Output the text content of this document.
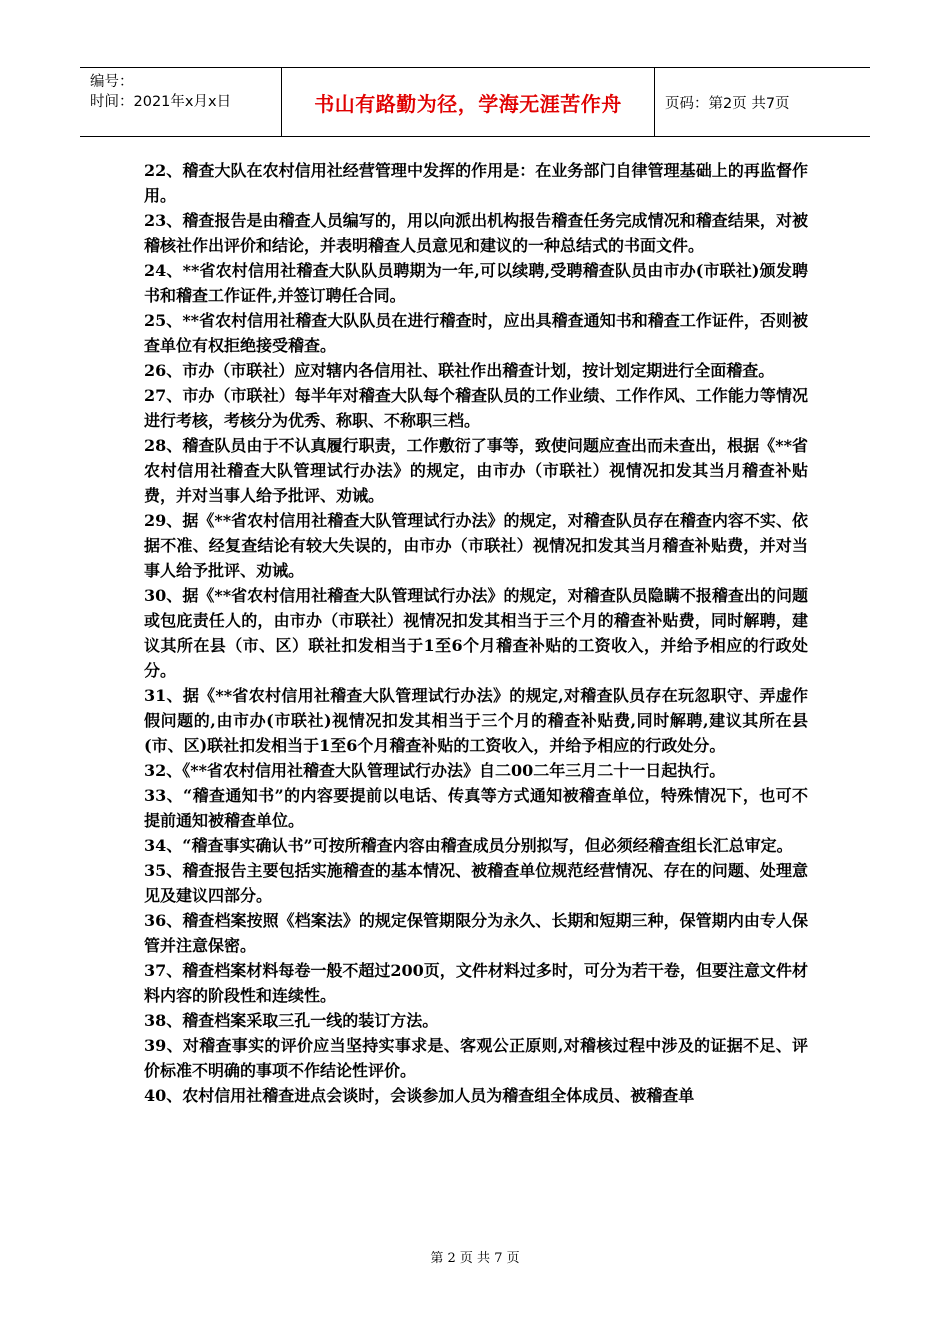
编号：
时间：2021年x月x日	书山有路勤为径，学海无涯苦作舟	页码：第2页 共7页

22、稽查大队在农村信用社经营管理中发挥的作用是：在业务部门自律管理基础上的再监督作用。

23、稽查报告是由稽查人员编写的，用以向派出机构报告稽查任务完成情况和稽查结果，对被稽核社作出评价和结论，并表明稽查人员意见和建议的一种总结式的书面文件。

24、**省农村信用社稽查大队队员聘期为一年,可以续聘,受聘稽查队员由市办(市联社)颁发聘书和稽查工作证件,并签订聘任合同。

25、**省农村信用社稽查大队队员在进行稽查时，应出具稽查通知书和稽查工作证件，否则被查单位有权拒绝接受稽查。

26、市办（市联社）应对辖内各信用社、联社作出稽查计划，按计划定期进行全面稽查。

27、市办（市联社）每半年对稽查大队每个稽查队员的工作业绩、工作作风、工作能力等情况进行考核，考核分为优秀、称职、不称职三档。

28、稽查队员由于不认真履行职责，工作敷衍了事等，致使问题应查出而未查出，根据《**省农村信用社稽查大队管理试行办法》的规定，由市办（市联社）视情况扣发其当月稽查补贴费，并对当事人给予批评、劝诫。

29、据《**省农村信用社稽查大队管理试行办法》的规定，对稽查队员存在稽查内容不实、依据不准、经复查结论有较大失误的，由市办（市联社）视情况扣发其当月稽查补贴费，并对当事人给予批评、劝诫。

30、据《**省农村信用社稽查大队管理试行办法》的规定，对稽查队员隐瞒不报稽查出的问题或包庇责任人的，由市办（市联社）视情况扣发其相当于三个月的稽查补贴费，同时解聘，建议其所在县（市、区）联社扣发相当于1至6个月稽查补贴的工资收入，并给予相应的行政处分。

31、据《**省农村信用社稽查大队管理试行办法》的规定,对稽查队员存在玩忽职守、弄虚作假问题的,由市办(市联社)视情况扣发其相当于三个月的稽查补贴费,同时解聘,建议其所在县(市、区)联社扣发相当于1至6个月稽查补贴的工资收入，并给予相应的行政处分。

32、《**省农村信用社稽查大队管理试行办法》自二00二年三月二十一日起执行。

33、“稽查通知书”的内容要提前以电话、传真等方式通知被稽查单位，特殊情况下，也可不提前通知被稽查单位。

34、“稽查事实确认书”可按所稽查内容由稽查成员分别拟写，但必须经稽查组长汇总审定。

35、稽查报告主要包括实施稽查的基本情况、被稽查单位规范经营情况、存在的问题、处理意见及建议四部分。

36、稽查档案按照《档案法》的规定保管期限分为永久、长期和短期三种，保管期内由专人保管并注意保密。

37、稽查档案材料每卷一般不超过200页，文件材料过多时，可分为若干卷，但要注意文件材料内容的阶段性和连续性。

38、稽查档案采取三孔一线的装订方法。

39、对稽查事实的评价应当坚持实事求是、客观公正原则,对稽核过程中涉及的证据不足、评价标准不明确的事项不作结论性评价。

40、农村信用社稽查进点会谈时，会谈参加人员为稽查组全体成员、被稽查单

第 2 页 共 7 页
